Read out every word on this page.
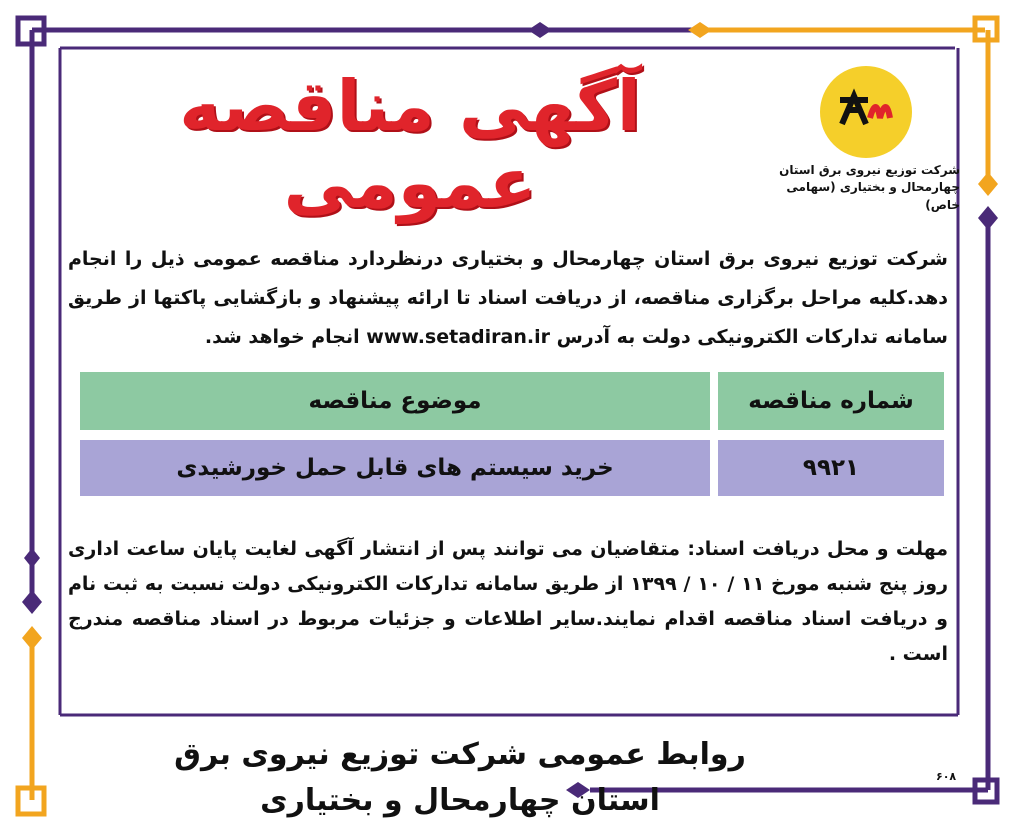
شرکت توزیع نیروی برق استان
چهارمحال و بختیاری (سهامی خاص)
آگهی مناقصه عمومی
شرکت توزیع نیروی برق استان چهارمحال و بختیاری درنظردارد مناقصه عمومی ذیل را انجام دهد.کلیه مراحل برگزاری مناقصه، از دریافت اسناد تا ارائه پیشنهاد و بازگشایی پاکتها از طریق سامانه تدارکات الکترونیکی دولت به آدرس www.setadiran.ir انجام خواهد شد.
شماره مناقصه
موضوع مناقصه
۹۹۲۱
خرید سیستم های قابل حمل خورشیدی
مهلت و محل دریافت اسناد: متقاضیان می توانند پس از انتشار آگهی لغایت پایان ساعت اداری روز پنج شنبه مورخ ۱۱ / ۱۰ / ۱۳۹۹ از طریق سامانه تدارکات الکترونیکی دولت نسبت به ثبت نام و دریافت اسناد مناقصه اقدام نمایند.سایر اطلاعات و جزئیات مربوط در اسناد مناقصه مندرج است .
روابط عمومی شرکت توزیع نیروی برق
استان چهارمحال و بختیاری
۶۰۸
